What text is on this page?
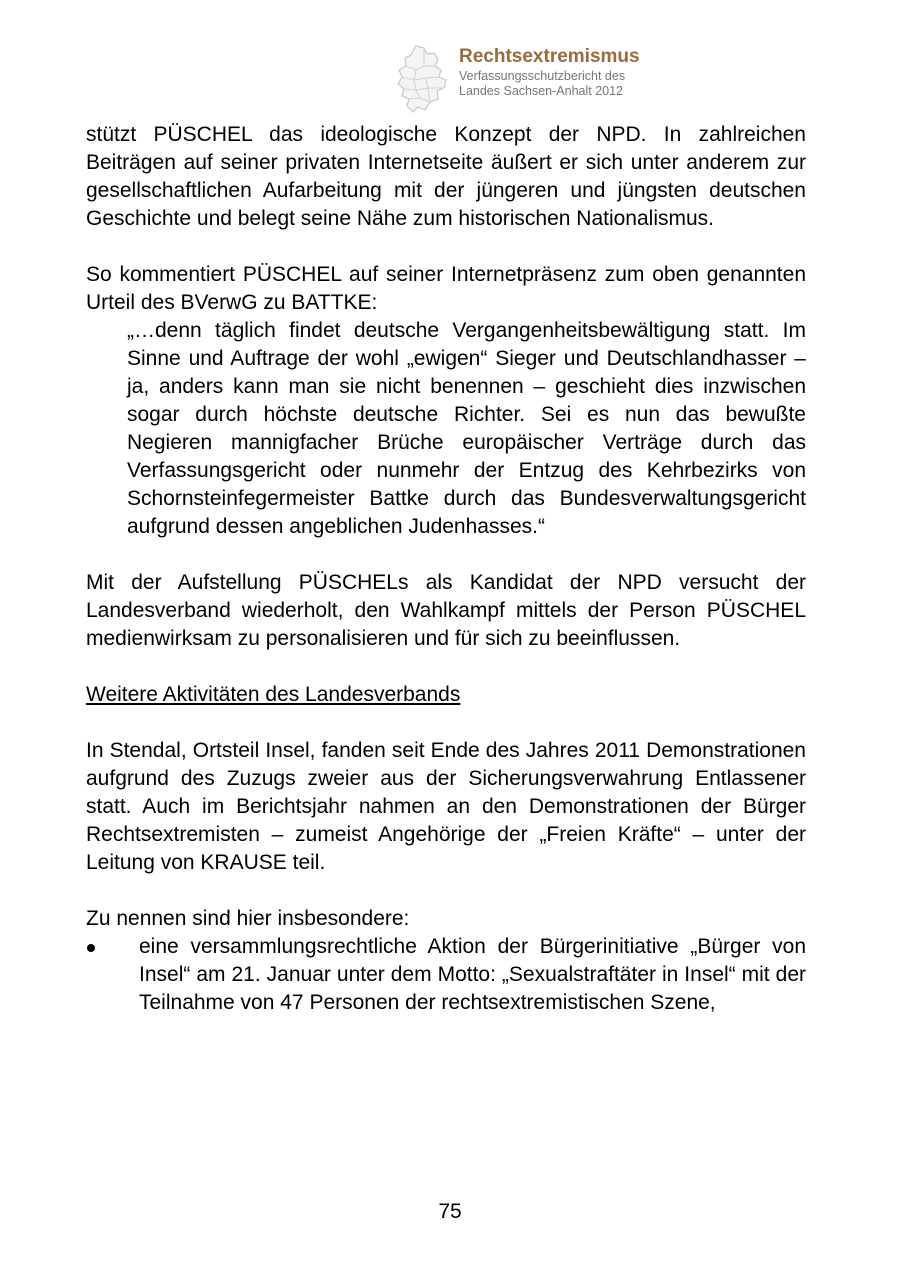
Rechtsextremismus
Verfassungsschutzbericht des
Landes Sachsen-Anhalt 2012

stützt PÜSCHEL das ideologische Konzept der NPD. In zahlreichen Beiträgen auf seiner privaten Internetseite äußert er sich unter anderem zur gesellschaftlichen Aufarbeitung mit der jüngeren und jüngsten deutschen Geschichte und belegt seine Nähe zum historischen Nationalismus.

So kommentiert PÜSCHEL auf seiner Internetpräsenz zum oben genannten Urteil des BVerwG zu BATTKE:

„…denn täglich findet deutsche Vergangenheitsbewältigung statt. Im Sinne und Auftrage der wohl „ewigen“ Sieger und Deutschlandhasser – ja, anders kann man sie nicht benennen – geschieht dies inzwischen sogar durch höchste deutsche Richter. Sei es nun das bewußte Negieren mannigfacher Brüche europäischer Verträge durch das Verfassungsgericht oder nunmehr der Entzug des Kehrbezirks von Schornsteinfegermeister Battke durch das Bundesverwaltungsgericht aufgrund dessen angeblichen Judenhasses.“

Mit der Aufstellung PÜSCHELs als Kandidat der NPD versucht der Landesverband wiederholt, den Wahlkampf mittels der Person PÜSCHEL medienwirksam zu personalisieren und für sich zu beeinflussen.

Weitere Aktivitäten des Landesverbands

In Stendal, Ortsteil Insel, fanden seit Ende des Jahres 2011 Demonstrationen aufgrund des Zuzugs zweier aus der Sicherungsverwahrung Entlassener statt. Auch im Berichtsjahr nahmen an den Demonstrationen der Bürger Rechtsextremisten – zumeist Angehörige der „Freien Kräfte“ – unter der Leitung von KRAUSE teil.

Zu nennen sind hier insbesondere:

eine versammlungsrechtliche Aktion der Bürgerinitiative „Bürger von Insel“ am 21. Januar unter dem Motto: „Sexualstraftäter in Insel“ mit der Teilnahme von 47 Personen der rechtsextremistischen Szene,

75
